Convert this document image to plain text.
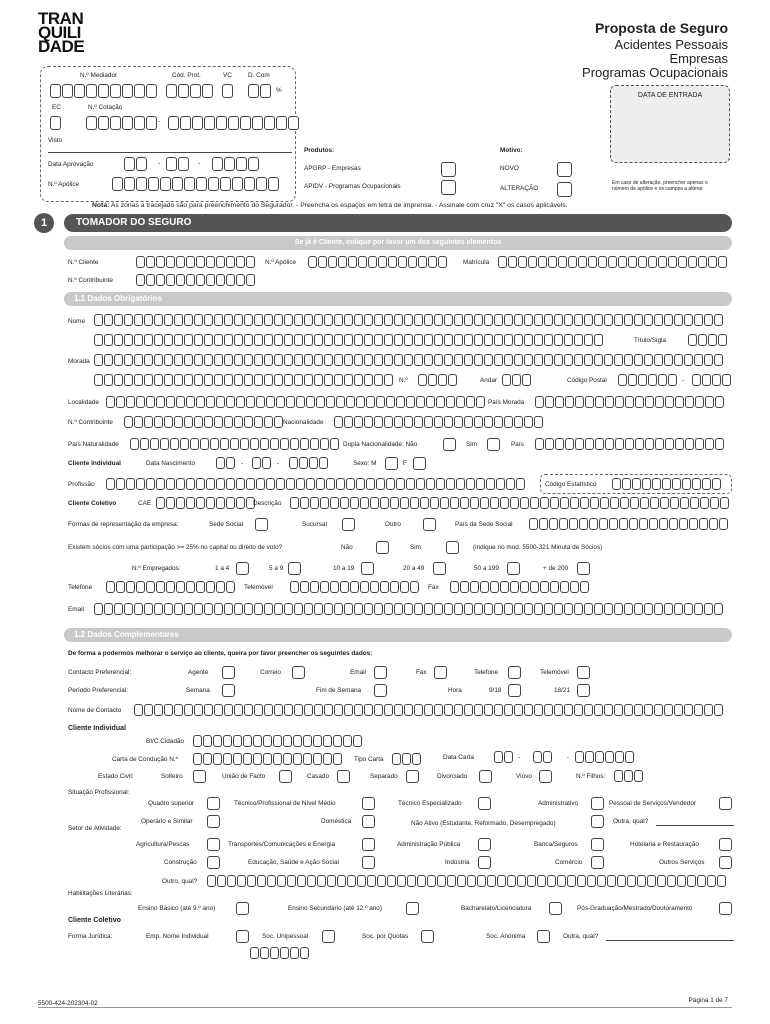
TRAN
QUILI
DADE
Proposta de Seguro
Acidentes Pessoais
Empresas
Programas Ocupacionais
DATA DE ENTRADA
N.º Mediador	Cód. Prot.	VC	D. Com
%
EC	N.º Cotação
-
Visto
Data Aprovação	-	-
N.º Apólice
Produtos:
APGRP - Empresas
APIDV - Programas Ocupacionais
Motivo:
NOVO
ALTERAÇÃO
Em caso de alteração, preencher apenas o
número de apólice e os campos a alterar.
Nota: As zonas a tracejado são para preenchimento do Segurador. - Preencha os espaços em letra de imprensa. - Assinale com cruz "X" os casos aplicáveis.
1	TOMADOR DO SEGURO
Se já é Cliente, indique por favor um dos seguintes elementos
N.º Cliente	N.º Apólice	Matrícula
N.º Contribuinte
1.1 Dados Obrigatórios
Nome
Título/Sigla
Morada
N.º	Andar	Código Postal	-
Localidade	País Morada
N.º Contribuinte	Nacionalidade
País Naturalidade	Dupla Nacionalidade: Não	Sim	País
Cliente Individual	Data Nascimento	-	-	Sexo: M	F
Profissão	Código Estatístico
Cliente Coletivo	CAE	Descrição
Formas de representação da empresa:	Sede Social	Sucursal	Outro	País da Sede Social
Existem sócios com uma participação >= 25% no capital ou direito de voto?	Não	Sim	(indique no mod. 5500-321 Minuta de Sócios)
N.º Empregados:	1 a 4	5 a 9	10 a 19	20 a 49	50 a 199	+ de 200
Telefone	Telemóvel	Fax
Email
1.2 Dados Complementares
De forma a podermos melhorar o serviço ao cliente, queira por favor preencher os seguintes dados:
Contacto Preferencial:	Agente	Correio	Email	Fax	Telefone	Telemóvel
Período Preferencial:	Semana	Fim de Semana	Hora	9/18	18/21
Nome de Contacto
Cliente Individual
BI/C.Cidadão
Carta de Condução N.º	Tipo Carta	Data Carta	-	-
Estado Civil:	Solteiro	União de Facto	Casado	Separado	Divorciado	Viúvo	N.º Filhos:
Situação Profissional:
Quadro superior	Técnico/Profissional de Nível Médio	Técnico Especializado	Administrativo	Pessoal de Serviços/Vendedor
Operário e Similar	Doméstica	Não Ativo (Estudante, Reformado, Desempregado)	Outra, qual?
Setor de Atividade:
Agricultura/Pescas	Transportes/Comunicações e Energia	Administração Pública	Banca/Seguros	Hotelaria e Restauração
Construção	Educação, Saúde e Ação Social	Indústria	Comércio	Outros Serviços
Outro, qual?
Habilitações Literárias:
Ensino Básico (até 9.º ano)	Ensino Secundário (até 12.º ano)	Bacharelato/Licenciatura	Pós-Graduação/Mestrado/Doutoramento
Cliente Coletivo
Forma Jurídica:	Emp. Nome Individual	Soc. Unipessoal	Soc. por Quotas	Soc. Anónima	Outra, qual?
5500-424-202304-02	Página 1 de 7
